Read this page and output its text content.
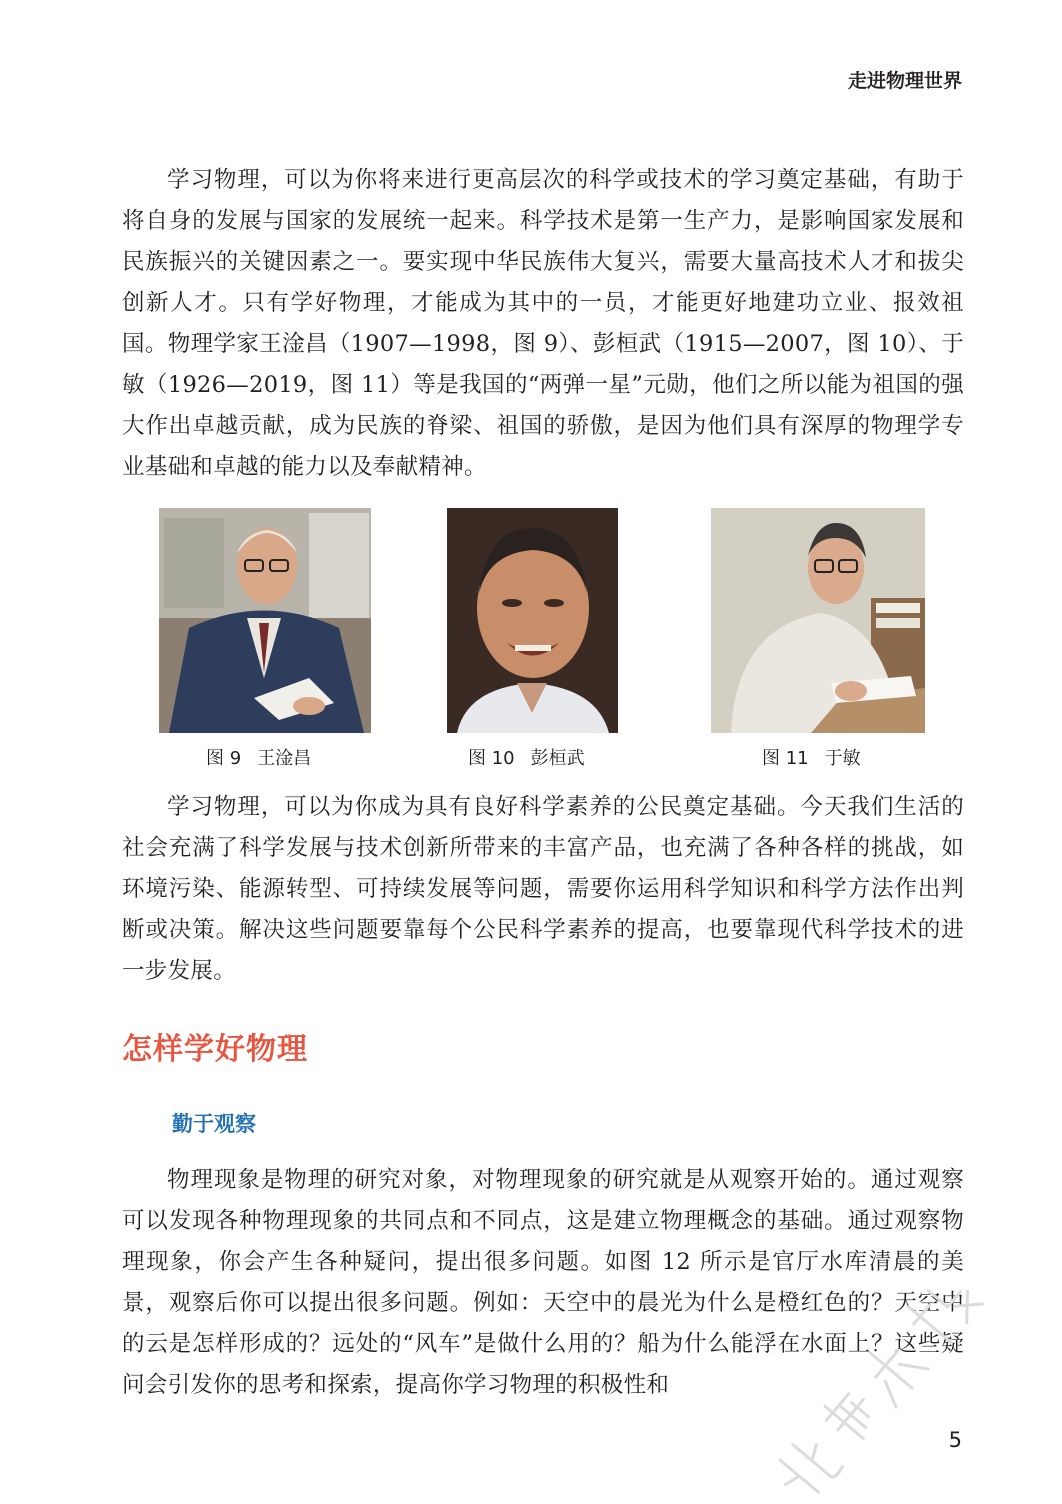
走进物理世界

学习物理，可以为你将来进行更高层次的科学或技术的学习奠定基础，有助于将自身的发展与国家的发展统一起来。科学技术是第一生产力，是影响国家发展和民族振兴的关键因素之一。要实现中华民族伟大复兴，需要大量高技术人才和拔尖创新人才。只有学好物理，才能成为其中的一员，才能更好地建功立业、报效祖国。物理学家王淦昌（1907—1998，图 9）、彭桓武（1915—2007，图 10）、于敏（1926—2019，图 11）等是我国的“两弹一星”元勋，他们之所以能为祖国的强大作出卓越贡献，成为民族的脊梁、祖国的骄傲，是因为他们具有深厚的物理学专业基础和卓越的能力以及奉献精神。

图 9 王淦昌	图 10 彭桓武	图 11 于敏

学习物理，可以为你成为具有良好科学素养的公民奠定基础。今天我们生活的社会充满了科学发展与技术创新所带来的丰富产品，也充满了各种各样的挑战，如环境污染、能源转型、可持续发展等问题，需要你运用科学知识和科学方法作出判断或决策。解决这些问题要靠每个公民科学素养的提高，也要靠现代科学技术的进一步发展。

怎样学好物理
勤于观察

物理现象是物理的研究对象，对物理现象的研究就是从观察开始的。通过观察可以发现各种物理现象的共同点和不同点，这是建立物理概念的基础。通过观察物理现象，你会产生各种疑问，提出很多问题。如图 12 所示是官厅水库清晨的美景，观察后你可以提出很多问题。例如：天空中的晨光为什么是橙红色的？天空中的云是怎样形成的？远处的“风车”是做什么用的？船为什么能浮在水面上？这些疑问会引发你的思考和探索，提高你学习物理的积极性和

5
